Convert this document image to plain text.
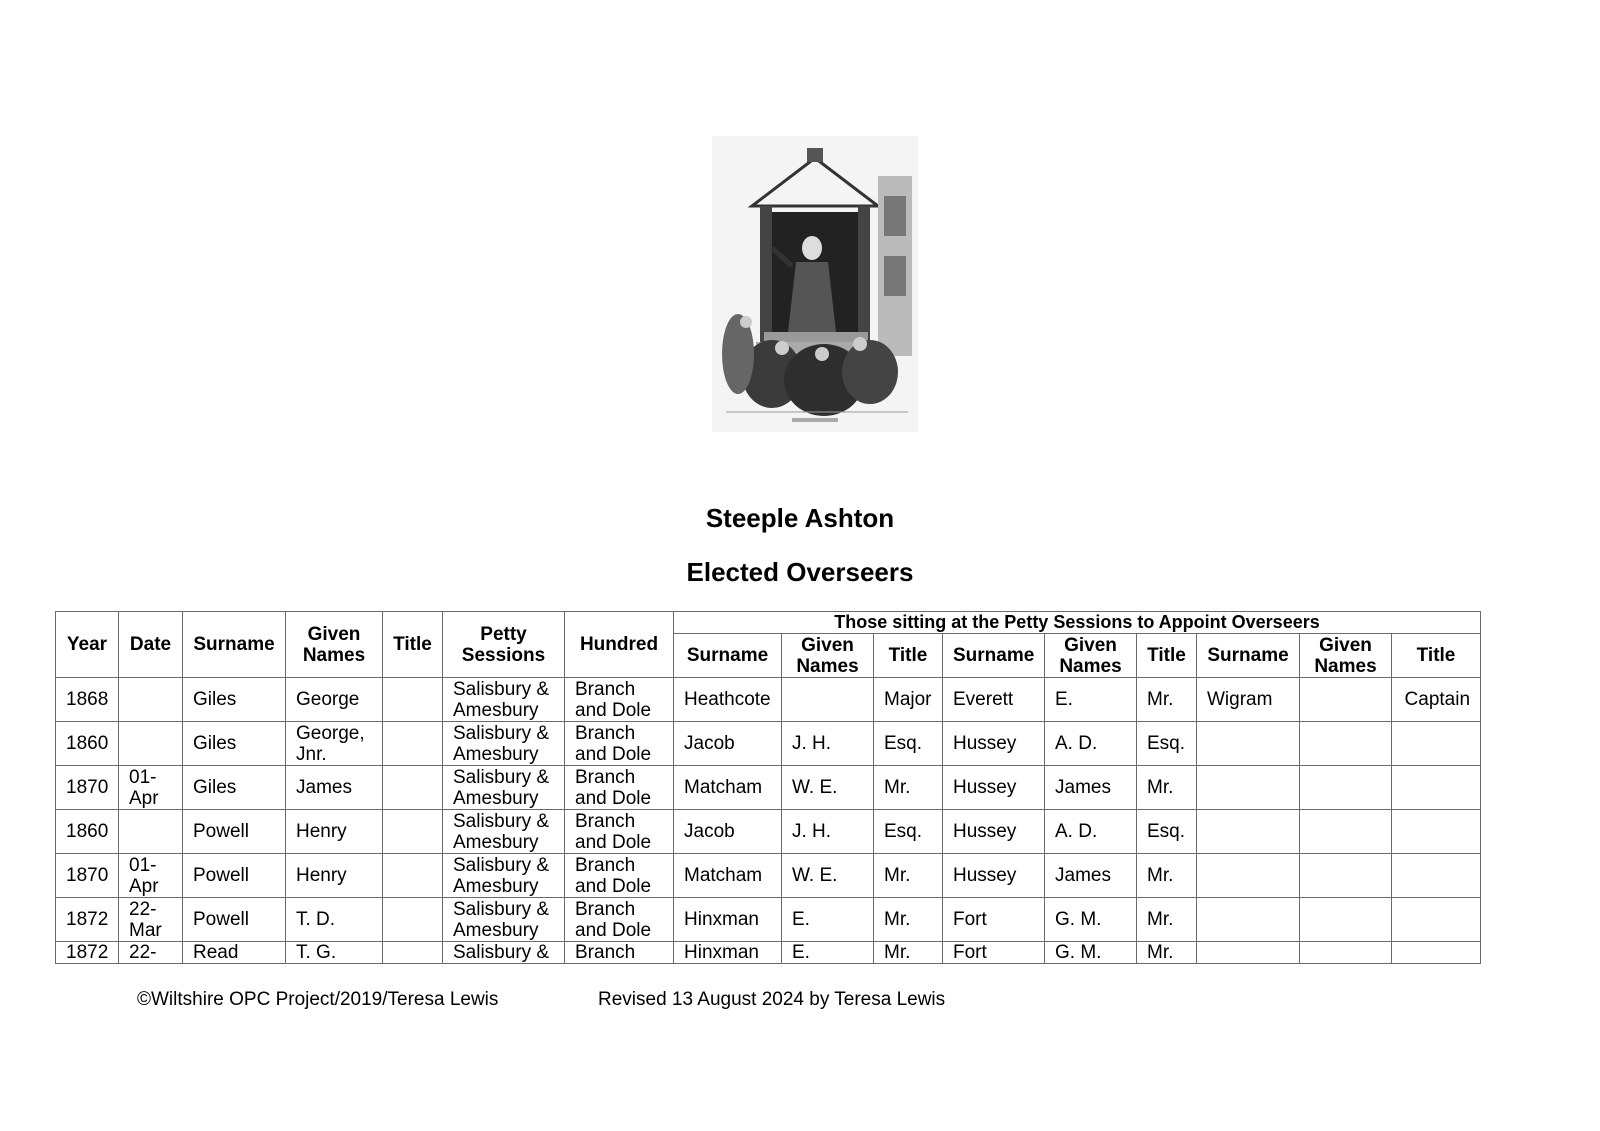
Steeple Ashton
Elected Overseers
Year	Date	Surname	Given Names	Title	Petty Sessions	Hundred	Those sitting at the Petty Sessions to Appoint Overseers								
							Surname	Given Names	Title	Surname	Given Names	Title	Surname	Given Names	Title
1868		Giles	George		Salisbury & Amesbury	Branch and Dole	Heathcote		Major	Everett	E.	Mr.	Wigram		Captain
1860		Giles	George, Jnr.		Salisbury & Amesbury	Branch and Dole	Jacob	J. H.	Esq.	Hussey	A. D.	Esq.			
1870	01-Apr	Giles	James		Salisbury & Amesbury	Branch and Dole	Matcham	W. E.	Mr.	Hussey	James	Mr.			
1860		Powell	Henry		Salisbury & Amesbury	Branch and Dole	Jacob	J. H.	Esq.	Hussey	A. D.	Esq.			
1870	01-Apr	Powell	Henry		Salisbury & Amesbury	Branch and Dole	Matcham	W. E.	Mr.	Hussey	James	Mr.			
1872	22-Mar	Powell	T. D.		Salisbury & Amesbury	Branch and Dole	Hinxman	E.	Mr.	Fort	G. M.	Mr.			
1872	22-	Read	T. G.		Salisbury &	Branch	Hinxman	E.	Mr.	Fort	G. M.	Mr.			
©Wiltshire OPC Project/2019/Teresa Lewis	Revised 13 August 2024 by Teresa Lewis
